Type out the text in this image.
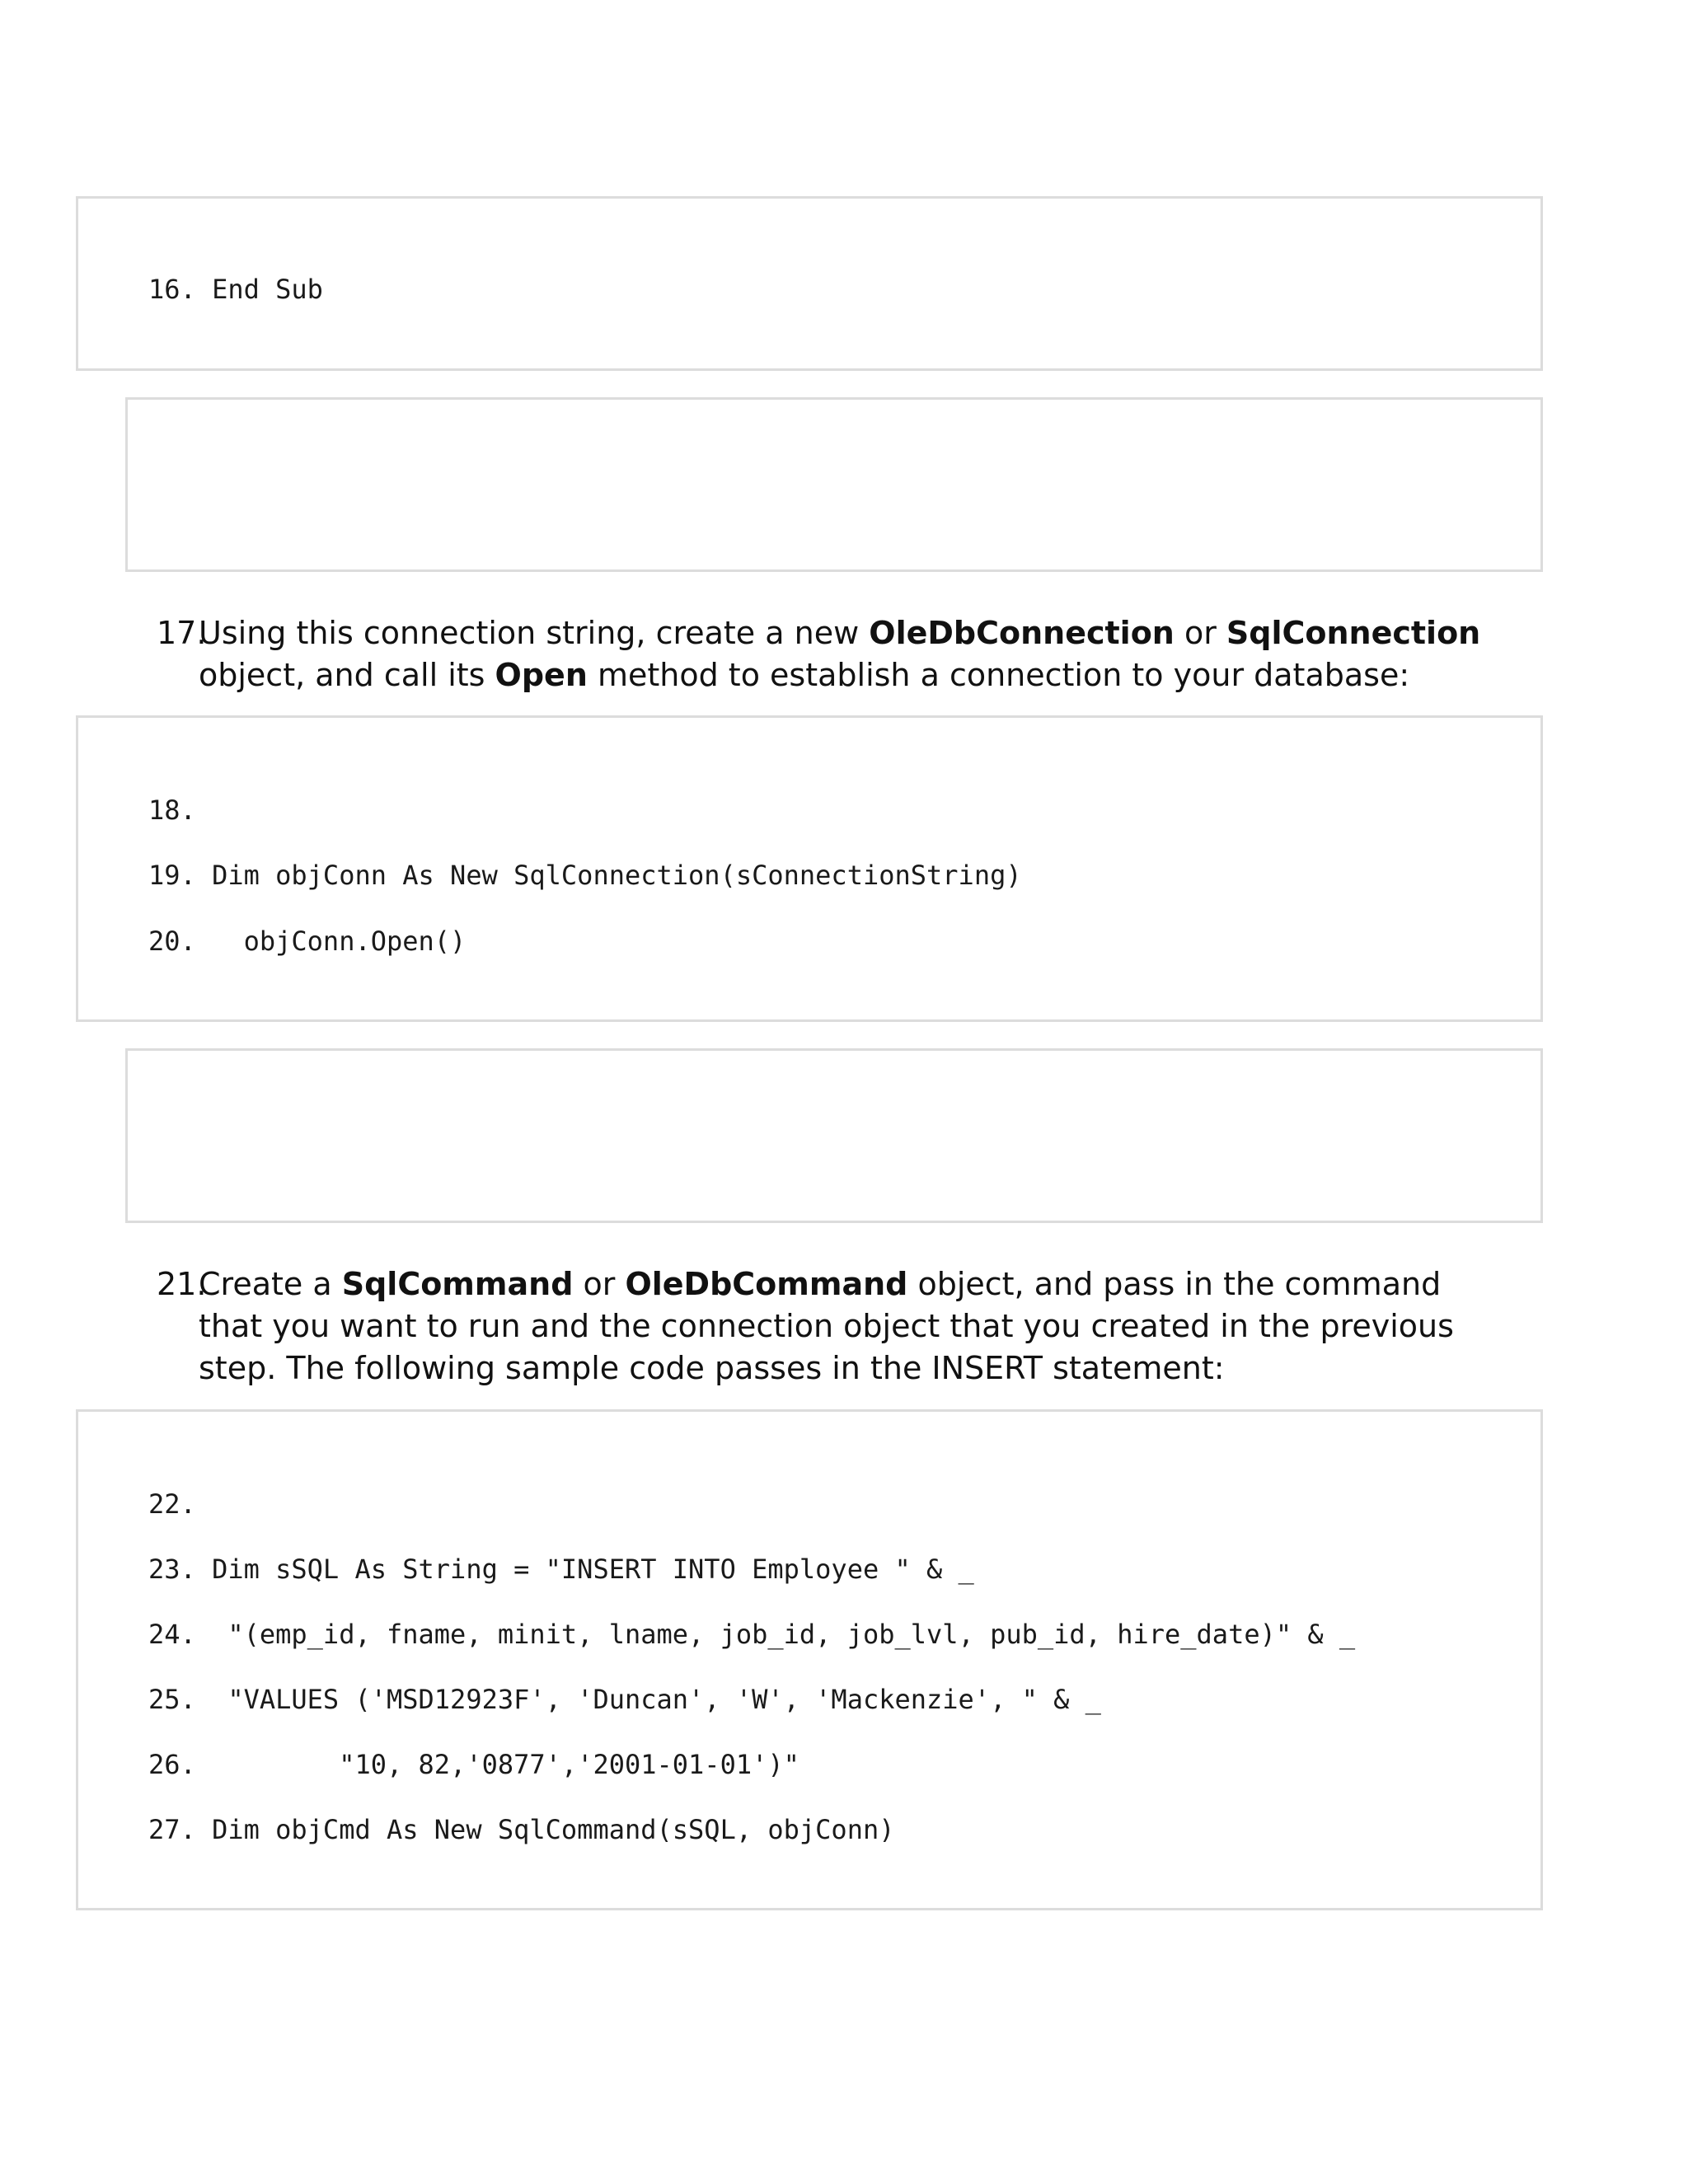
16. End Sub
17.
Using this connection string, create a new OleDbConnection or SqlConnection object, and call its Open method to establish a connection to your database:
18.
19. Dim objConn As New SqlConnection(sConnectionString)
20.   objConn.Open()
21.
Create a SqlCommand or OleDbCommand object, and pass in the command that you want to run and the connection object that you created in the previous step. The following sample code passes in the INSERT statement:
22.
23. Dim sSQL As String = "INSERT INTO Employee " & _
24.  "(emp_id, fname, minit, lname, job_id, job_lvl, pub_id, hire_date)" & _
25.  "VALUES ('MSD12923F', 'Duncan', 'W', 'Mackenzie', " & _
26.         "10, 82,'0877','2001-01-01')"
27. Dim objCmd As New SqlCommand(sSQL, objConn)
